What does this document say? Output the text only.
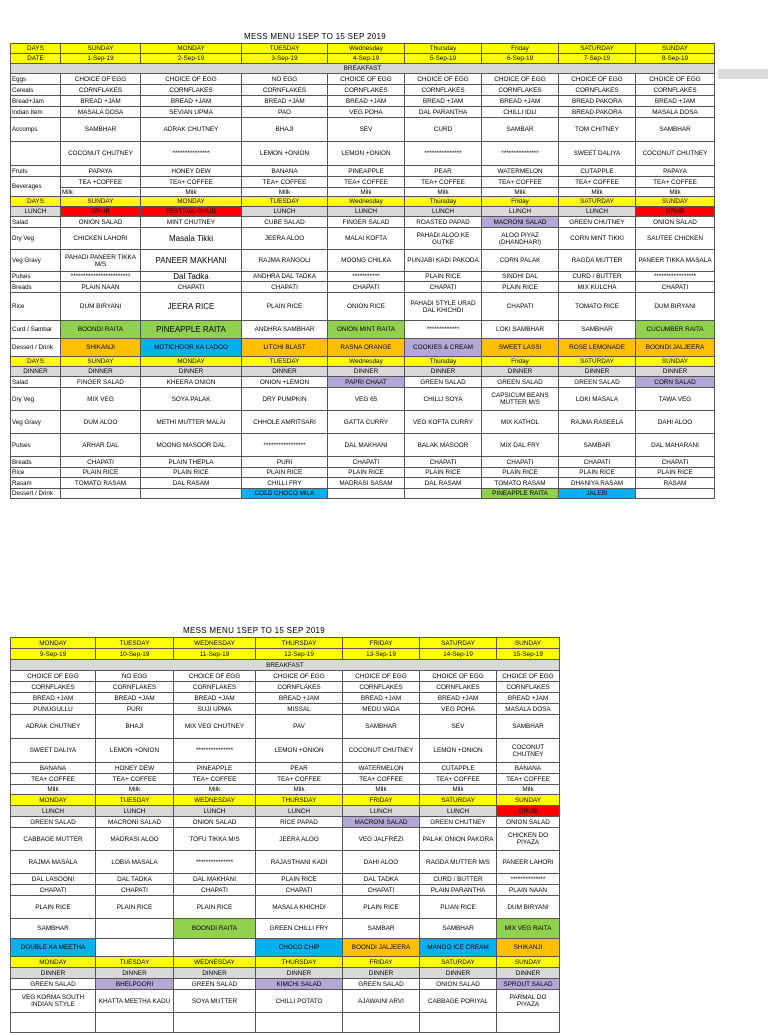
MESS MENU 1SEP TO 15 SEP 2019
DAYS	SUNDAY	MONDAY	TUESDAY	Wednesday	Thursday	Friday	SATURDAY	SUNDAY
DATE	1-Sep-19	2-Sep-19	3-Sep-19	4-Sep-19	5-Sep-19	6-Sep-19	7-Sep-19	8-Sep-19
BREAKFAST								
Eggs	CHOICE OF EGG	CHOICE OF EGG	NO EGG	CHOICE OF EGG	CHOICE OF EGG	CHOICE OF EGG	CHOICE OF EGG	CHOICE OF EGG
Cereals	CORNFLAKES	CORNFLAKES	CORNFLAKES	CORNFLAKES	CORNFLAKES	CORNFLAKES	CORNFLAKES	CORNFLAKES
Bread+Jam	BREAD +JAM	BREAD +JAM	BREAD +JAM	BREAD +JAM	BREAD +JAM	BREAD +JAM	BREAD PAKORA	BREAD +JAM
Indian Item	MASALA DOSA	SEVIAN UPMA	PAO	VEG POHA	DAL PARANTHA	CHILLI IDLI	BREAD PAKORA	MASALA DOSA
Accomps	SAMBHAR	ADRAK CHUTNEY	BHAJI	SEV	CURD	SAMBAR	TOM CHITNEY	SAMBHAR
	COCONUT CHUTNEY	***************	LEMON +ONION	LEMON +ONION	***************	***************	SWEET DALIYA	COCONUT CHUTNEY
Fruits	PAPAYA	HONEY DEW	BANANA	PINEAPPLE	PEAR	WATERMELON	CUTAPPLE	PAPAYA
Beverages	TEA +COFFEE	TEA+ COFFEE	TEA+ COFFEE	TEA+ COFFEE	TEA+ COFFEE	TEA+ COFFEE	TEA+ COFFEE	TEA+ COFFEE
	Milk	Milk	Milk	Milk	Milk	Milk	Milk	Milk
DAYS	SUNDAY	MONDAY	TUESDAY	Wednesday	Thursday	Friday	SATURDAY	SUNDAY
LUNCH	GRUB	FESTIVAL GRUB	LUNCH	LUNCH	LUNCH	LUNCH	LUNCH	GRUB
Salad	ONION SALAD	MINT CHUTNEY	CUBE SALAD	FINGER SALAD	ROASTED PAPAD	MACRONI SALAD	GREEN CHUTNEY	ONION SALAD
Dry Veg	CHICKEN LAHORI	Masala Tikki	JEERA ALOO	MALAI KOFTA	PAHADI ALOO KE GUTKE	ALOO PIYAZ (DHANDHARI)	CORN MINT TIKKI	SAUTEE CHICKEN
Veg Gravy	PAHADI PANEER TIKKA M/S	PANEER MAKHANI	RAJMA RANGOLI	MOONG CHILKA	PUNJABI KADI PAKODA	CORN PALAK	RAGDA MUTTER	PANEER TIKKA MASALA
Pulses	************************	Dal Tadka	ANDHRA DAL TADKA	***********	PLAIN RICE	SINDHI DAL	CURD / BUTTER	*****************
Breads	PLAIN NAAN	CHAPATI	CHAPATI	CHAPATI	CHAPATI	PLAIN RICE	MIX KULCHA	CHAPATI
Rice	DUM BIRYANI	JEERA RICE	PLAIN RICE	ONION RICE	PAHADI STYLE URAD DAL KHICHDI	CHAPATI	TOMATO RICE	DUM BIRYANI
Curd / Sambar	BOONDI RAITA	PINEAPPLE RAITA	ANDHRA SAMBHAR	ONION MINT RAITA	*************	LOKI SAMBHAR	SAMBHAR	CUCUMBER RAITA
Dessert / Drink	SHIKANJI	MOTICHOOR KA LADOO	LITCHI BLAST	RASNA ORANGE	COOKIES & CREAM	SWEET LASSI	ROSE LEMONADE	BOONDI JALJEERA
DAYS	SUNDAY	MONDAY	TUESDAY	Wednesday	Thursday	Friday	SATURDAY	SUNDAY
DINNER	DINNER	DINNER	DINNER	DINNER	DINNER	DINNER	DINNER	DINNER
Salad	FINGER SALAD	KHEERA ONION	ONION +LEMON	PAPRI CHAAT	GREEN SALAD	GREEN SALAD	GREEN SALAD	CORN SALAD
Dry Veg	MIX VEG	SOYA PALAK	DRY PUMPKIN	VEG 65	CHILLI SOYA	CAPSICUM BEANS MUTTER M/S	LOKI MASALA	TAWA VEG
Veg Gravy	DUM ALOO	METHI MUTTER MALAI	CHHOLE AMRITSARI	GATTA CURRY	VEG KOFTA CURRY	MIX KATHOL	RAJMA RASEELA	DAHI ALOO
Pulses	ARHAR DAL	MOONG MASOOR DAL	*****************	DAL MAKHANI	BALAK MASOOR	MIX DAL FRY	SAMBAR	DAL MAHARANI
Breads	CHAPATI	PLAIN THEPLA	PURI	CHAPATI	CHAPATI	CHAPATI	CHAPATI	CHAPATI
Rice	PLAIN RICE	PLAIN RICE	PLAIN RICE	PLAIN RICE	PLAIN RICE	PLAIN RICE	PLAIN RICE	PLAIN RICE
Rasam	TOMATO RASAM	DAL RASAM	CHILLI FRY	MADRASI SASAM	DAL RASAM	TOMATO RASAM	DHANIYA RASAM	RASAM
Dessert / Drink			COLD CHOCO MILK			PINEAPPLE RAITA	JALEBI	
MESS MENU 1SEP TO 15 SEP 2019
MONDAY	TUESDAY	WEDNESDAY	THURSDAY	FRIDAY	SATURDAY	SUNDAY
9-Sep-19	10-Sep-19	11-Sep-19	12-Sep-19	13-Sep-19	14-Sep-19	15-Sep-19
BREAKFAST						
CHOICE OF EGG	NO EGG	CHOICE OF EGG	CHOICE OF EGG	CHOICE OF EGG	CHOICE OF EGG	CHOICE OF EGG
CORNFLAKES	CORNFLAKES	CORNFLAKES	CORNFLAKES	CORNFLAKES	CORNFLAKES	CORNFLAKES
BREAD +JAM	BREAD +JAM	BREAD +JAM	BREAD +JAM	BREAD +JAM	BREAD +JAM	BREAD +JAM
PUNUGULLU	PURI	SUJI UPMA	MISSAL	MEDU VADA	VEG POHA	MASALA DOSA
ADRAK CHUTNEY	BHAJI	MIX VEG CHUTNEY	PAV	SAMBHAR	SEV	SAMBHAR
SWEET DALIYA	LEMON +ONION	***************	LEMON +ONION	COCONUT CHUTNEY	LEMON +ONION	COCONUT CHUTNEY
BANANA	HONEY DEW	PINEAPPLE	PEAR	WATERMELON	CUTAPPLE	BANANA
TEA+ COFFEE	TEA+ COFFEE	TEA+ COFFEE	TEA+ COFFEE	TEA+ COFFEE	TEA+ COFFEE	TEA+ COFFEE
Milk	Milk	Milk	Milk	Milk	Milk	Milk
MONDAY	TUESDAY	WEDNESDAY	THURSDAY	FRIDAY	SATURDAY	SUNDAY
LUNCH	LUNCH	LUNCH	LUNCH	LUNCH	LUNCH	GRUB
GREEN SALAD	MACRONI SALAD	ONION SALAD	RICE PAPAD	MACRONI SALAD	GREEN CHUTNEY	ONION SALAD
CABBAGE MUTTER	MADRASI ALOO	TOFU TIKKA M/S	JEERA ALOO	VEG JALFREZI	PALAK ONION PAKORA	CHICKEN DO PIYAZA
RAJMA MASALA	LOBIA MASALA	***************	RAJASTHANI KADI	DAHI ALOO	RAGDA MUTTER M/S	PANEER LAHORI
DAL LASOONI	DAL TADKA	DAL MAKHANI	PLAIN RICE	DAL TADKA	CURD / BUTTER	**************
CHAPATI	CHAPATI	CHAPATI	CHAPATI	CHAPATI	PLAIN PARANTHA	PLAIN NAAN
PLAIN RICE	PLAIN RICE	PLAIN RICE	MASALA KHICHDI	PLAIN RICE	PLIAN RICE	DUM BIRYANI
SAMBHAR		BOONDI RAITA	GREEN CHILLI FRY	SAMBAR	SAMBHAR	MIX VEG RAITA
DOUBLE KA MEETHA			CHOCO CHIP	BOONDI JALJEERA	MANGO ICE CREAM	SHIKANJI
MONDAY	TUESDAY	WEDNESDAY	THURSDAY	FRIDAY	SATURDAY	SUNDAY
DINNER	DINNER	DINNER	DINNER	DINNER	DINNER	DINNER
GREEN SALAD	BHELPOORI	GREEN SALAD	KIMCHI SALAD	GREEN SALAD	ONION SALAD	SPROUT SALAD
VEG KORMA SOUTH INDIAN STYLE	KHATTA MEETHA KADU	SOYA MUTTER	CHILLI POTATO	AJAWAINI ARVI	CABBAGE PORIYAL	PARMAL DO PIYAZA
